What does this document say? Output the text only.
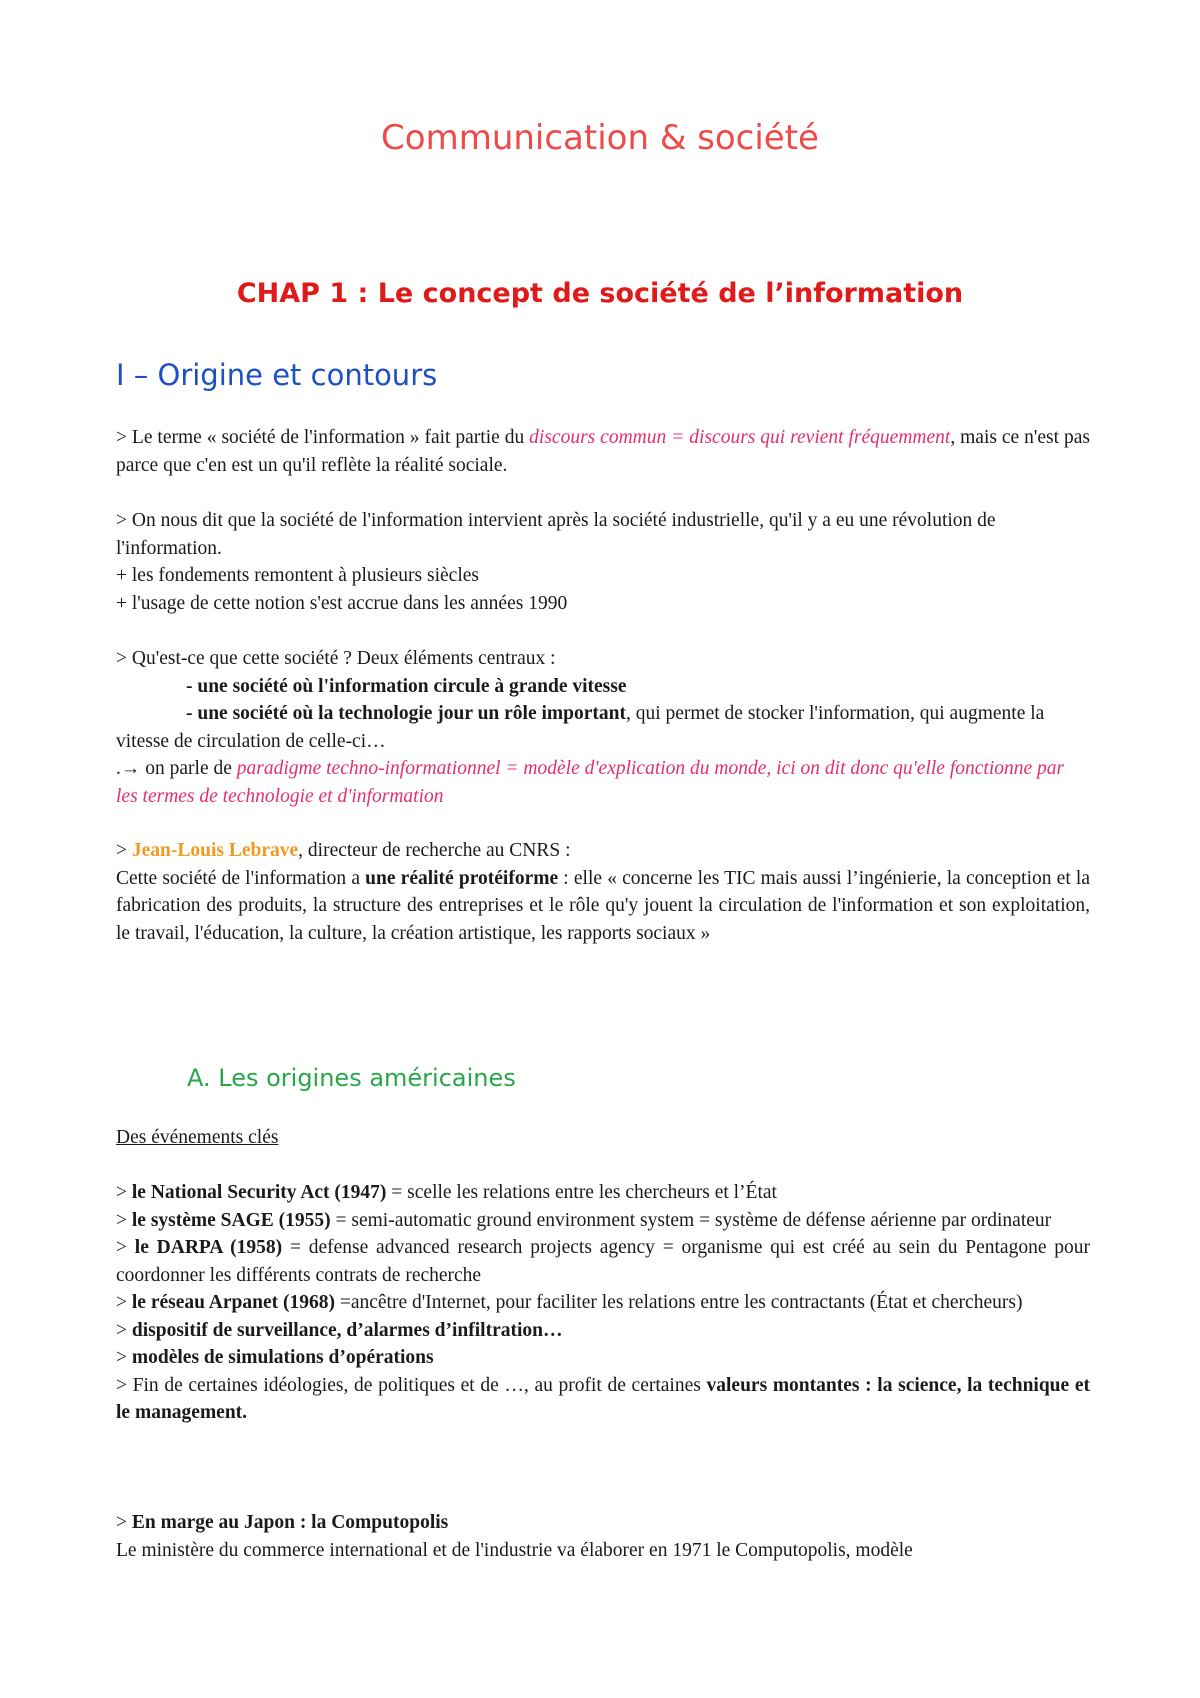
Communication & société
CHAP 1 : Le concept de société de l’information
I – Origine et contours

> Le terme « société de l'information » fait partie du discours commun = discours qui revient fréquemment, mais ce n'est pas parce que c'en est un qu'il reflète la réalité sociale.

> On nous dit que la société de l'information intervient après la société industrielle, qu'il y a eu une révolution de l'information.

+ les fondements remontent à plusieurs siècles

+ l'usage de cette notion s'est accrue dans les années 1990

> Qu'est-ce que cette société ? Deux éléments centraux :

- une société où l'information circule à grande vitesse

- une société où la technologie jour un rôle important, qui permet de stocker l'information, qui augmente la vitesse de circulation de celle-ci…

.→ on parle de paradigme techno-informationnel = modèle d'explication du monde, ici on dit donc qu'elle fonctionne par les termes de technologie et d'information

> Jean-Louis Lebrave, directeur de recherche au CNRS :

Cette société de l'information a une réalité protéiforme : elle « concerne les TIC mais aussi l’ingénierie, la conception et la fabrication des produits, la structure des entreprises et le rôle qu'y jouent la circulation de l'information et son exploitation, le travail, l'éducation, la culture, la création artistique, les rapports sociaux »

A. Les origines américaines

Des événements clés

> le National Security Act (1947) = scelle les relations entre les chercheurs et l’État

> le système SAGE (1955) = semi-automatic ground environment system = système de défense aérienne par ordinateur

> le DARPA (1958) = defense advanced research projects agency = organisme qui est créé au sein du Pentagone pour coordonner les différents contrats de recherche

> le réseau Arpanet (1968) =ancêtre d'Internet, pour faciliter les relations entre les contractants (État et chercheurs)

> dispositif de surveillance, d’alarmes d’infiltration…

> modèles de simulations d’opérations

> Fin de certaines idéologies, de politiques et de …, au profit de certaines valeurs montantes : la science, la technique et le management.

> En marge au Japon : la Computopolis

Le ministère du commerce international et de l'industrie va élaborer en 1971 le Computopolis, modèle
